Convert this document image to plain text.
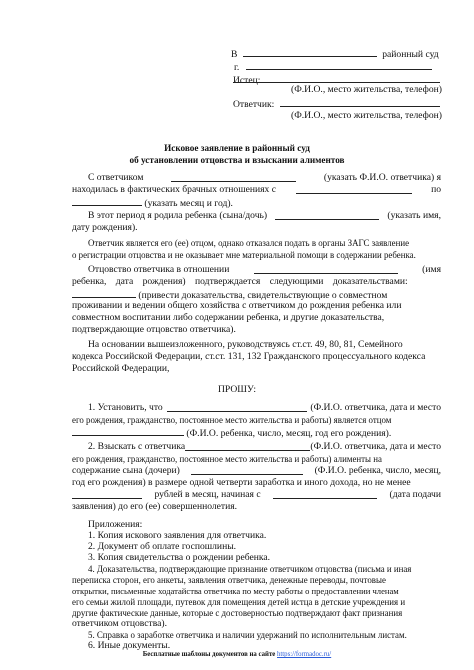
В	районный суд
г.
Истец:
(Ф.И.О., место жительства, телефон)
Ответчик:
(Ф.И.О., место жительства, телефон)
Исковое заявление в районный суд
об установлении отцовства и взыскании алиментов
С ответчиком	(указать Ф.И.О. ответчика) я
находилась в фактических брачных отношениях с	по
(указать месяц и год).
В этот период я родила ребенка (сына/дочь)	(указать имя,
дату рождения).
Ответчик является его (ее) отцом, однако отказался подать в органы ЗАГС заявление
о регистрации отцовства и не оказывает мне материальной помощи в содержании ребенка.
Отцовство ответчика в отношении	(имя
ребенка, дата рождения) подтверждается следующими доказательствами:
(привести доказательства, свидетельствующие о совместном
проживании и ведении общего хозяйства с ответчиком до рождения ребенка или
совместном воспитании либо содержании ребенка, и другие доказательства,
подтверждающие отцовство ответчика).
На основании вышеизложенного, руководствуясь ст.ст. 49, 80, 81, Семейного
кодекса Российской Федерации, ст.ст. 131, 132 Гражданского процессуального кодекса
Российской Федерации,
ПРОШУ:
1. Установить, что	(Ф.И.О. ответчика, дата и место
его рождения, гражданство, постоянное место жительства и работы) является отцом
(Ф.И.О. ребенка, число, месяц, год его рождения).
2. Взыскать с ответчика	(Ф.И.О. ответчика, дата и место
его рождения, гражданство, постоянное место жительства и работы) алименты на
содержание сына (дочери)	(Ф.И.О. ребенка, число, месяц,
год его рождения) в размере одной четверти заработка и иного дохода, но не менее
рублей в месяц, начиная с	(дата подачи
заявления) до его (ее) совершеннолетия.
Приложения:
1. Копия искового заявления для ответчика.
2. Документ об оплате госпошлины.
3. Копия свидетельства о рождении ребенка.
4. Доказательства, подтверждающие признание ответчиком отцовства (письма и иная
переписка сторон, его анкеты, заявления ответчика, денежные переводы, почтовые
открытки, письменные ходатайства ответчика по месту работы о предоставлении членам
его семьи жилой площади, путевок для помещения детей истца в детские учреждения и
другие фактические данные, которые с достоверностью подтверждают факт признания
ответчиком отцовства).
5. Справка о заработке ответчика и наличии удержаний по исполнительным листам.
Бесплатные шаблоны документов на сайте https://formadoc.ru/
6. Иные документы.
